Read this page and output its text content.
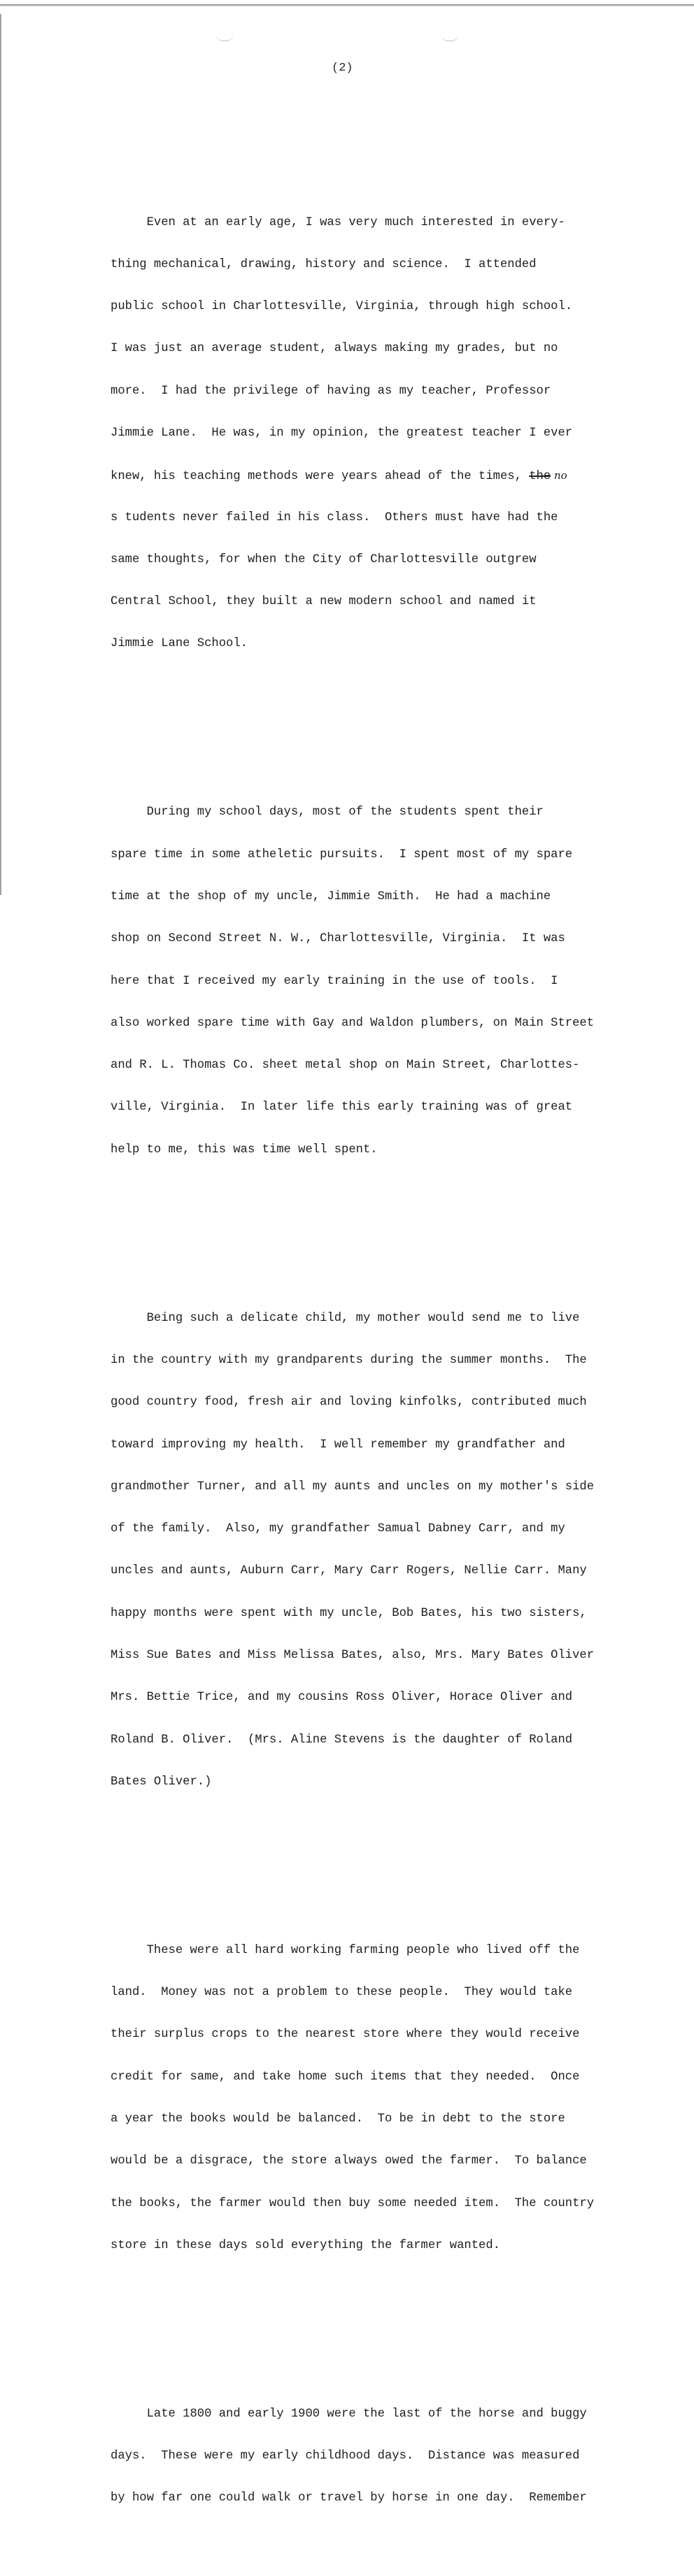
(2)

Even at an early age, I was very much interested in every-

thing mechanical, drawing, history and science.  I attended

public school in Charlottesville, Virginia, through high school.

I was just an average student, always making my grades, but no

more.  I had the privilege of having as my teacher, Professor

Jimmie Lane.  He was, in my opinion, the greatest teacher I ever

knew, his teaching methods were years ahead of the times, the no

s tudents never failed in his class.  Others must have had the

same thoughts, for when the City of Charlottesville outgrew

Central School, they built a new modern school and named it

Jimmie Lane School.

During my school days, most of the students spent their

spare time in some atheletic pursuits.  I spent most of my spare

time at the shop of my uncle, Jimmie Smith.  He had a machine

shop on Second Street N. W., Charlottesville, Virginia.  It was

here that I received my early training in the use of tools.  I

also worked spare time with Gay and Waldon plumbers, on Main Street

and R. L. Thomas Co. sheet metal shop on Main Street, Charlottes-

ville, Virginia.  In later life this early training was of great

help to me, this was time well spent.

Being such a delicate child, my mother would send me to live

in the country with my grandparents during the summer months.  The

good country food, fresh air and loving kinfolks, contributed much

toward improving my health.  I well remember my grandfather and

grandmother Turner, and all my aunts and uncles on my mother's side

of the family.  Also, my grandfather Samual Dabney Carr, and my

uncles and aunts, Auburn Carr, Mary Carr Rogers, Nellie Carr. Many

happy months were spent with my uncle, Bob Bates, his two sisters,

Miss Sue Bates and Miss Melissa Bates, also, Mrs. Mary Bates Oliver

Mrs. Bettie Trice, and my cousins Ross Oliver, Horace Oliver and

Roland B. Oliver.  (Mrs. Aline Stevens is the daughter of Roland

Bates Oliver.)

These were all hard working farming people who lived off the

land.  Money was not a problem to these people.  They would take

their surplus crops to the nearest store where they would receive

credit for same, and take home such items that they needed.  Once

a year the books would be balanced.  To be in debt to the store

would be a disgrace, the store always owed the farmer.  To balance

the books, the farmer would then buy some needed item.  The country

store in these days sold everything the farmer wanted.

Late 1800 and early 1900 were the last of the horse and buggy

days.  These were my early childhood days.  Distance was measured

by how far one could walk or travel by horse in one day.  Remember
